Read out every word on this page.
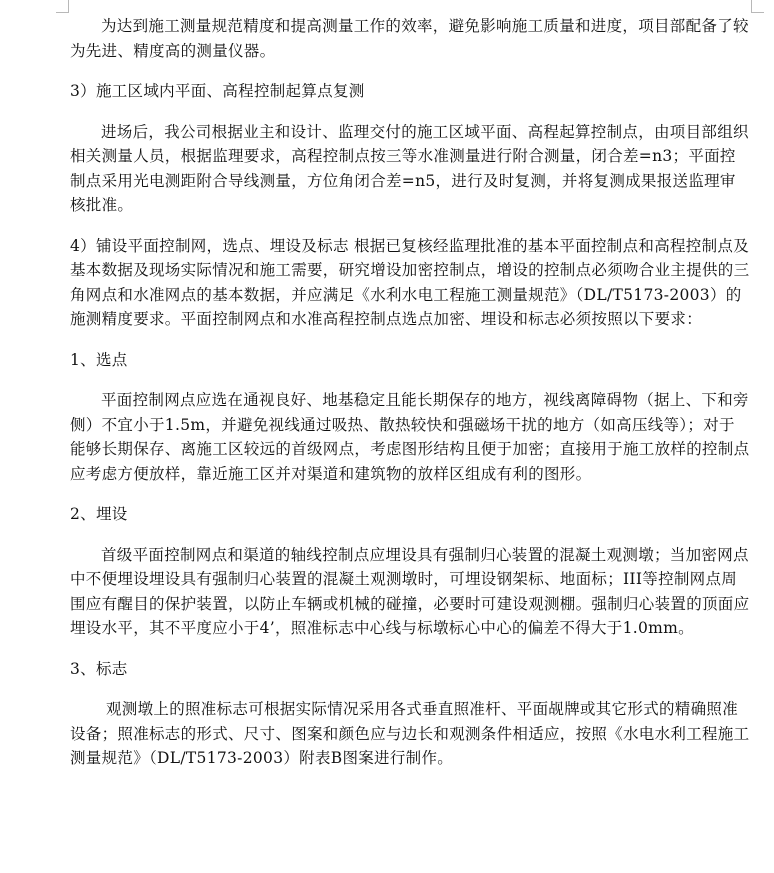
为达到施工测量规范精度和提高测量工作的效率，避免影响施工质量和进度，项目部配备了较为先进、精度高的测量仪器。

3）施工区域内平面、高程控制起算点复测

进场后，我公司根据业主和设计、监理交付的施工区域平面、高程起算控制点，由项目部组织相关测量人员，根据监理要求，高程控制点按三等水准测量进行附合测量，闭合差=n3；平面控制点采用光电测距附合导线测量，方位角闭合差=n5，进行及时复测，并将复测成果报送监理审核批准。

4）铺设平面控制网，选点、埋设及标志 根据已复核经监理批准的基本平面控制点和高程控制点及基本数据及现场实际情况和施工需要，研究增设加密控制点，增设的控制点必须吻合业主提供的三角网点和水准网点的基本数据，并应满足《水利水电工程施工测量规范》（DL/T5173-2003）的施测精度要求。平面控制网点和水准高程控制点选点加密、埋设和标志必须按照以下要求：

1、选点

平面控制网点应选在通视良好、地基稳定且能长期保存的地方，视线离障碍物（据上、下和旁侧）不宜小于1.5m，并避免视线通过吸热、散热较快和强磁场干扰的地方（如高压线等）；对于能够长期保存、离施工区较远的首级网点，考虑图形结构且便于加密；直接用于施工放样的控制点应考虑方便放样，靠近施工区并对渠道和建筑物的放样区组成有利的图形。

2、埋设

首级平面控制网点和渠道的轴线控制点应埋设具有强制归心装置的混凝土观测墩；当加密网点中不便埋设埋设具有强制归心装置的混凝土观测墩时，可埋设钢架标、地面标；III等控制网点周围应有醒目的保护装置，以防止车辆或机械的碰撞，必要时可建设观测棚。强制归心装置的顶面应埋设水平，其不平度应小于4’，照准标志中心线与标墩标心中心的偏差不得大于1.0mm。

3、标志

观测墩上的照准标志可根据实际情况采用各式垂直照准杆、平面觇牌或其它形式的精确照准设备；照准标志的形式、尺寸、图案和颜色应与边长和观测条件相适应，按照《水电水利工程施工测量规范》（DL/T5173-2003）附表B图案进行制作。
